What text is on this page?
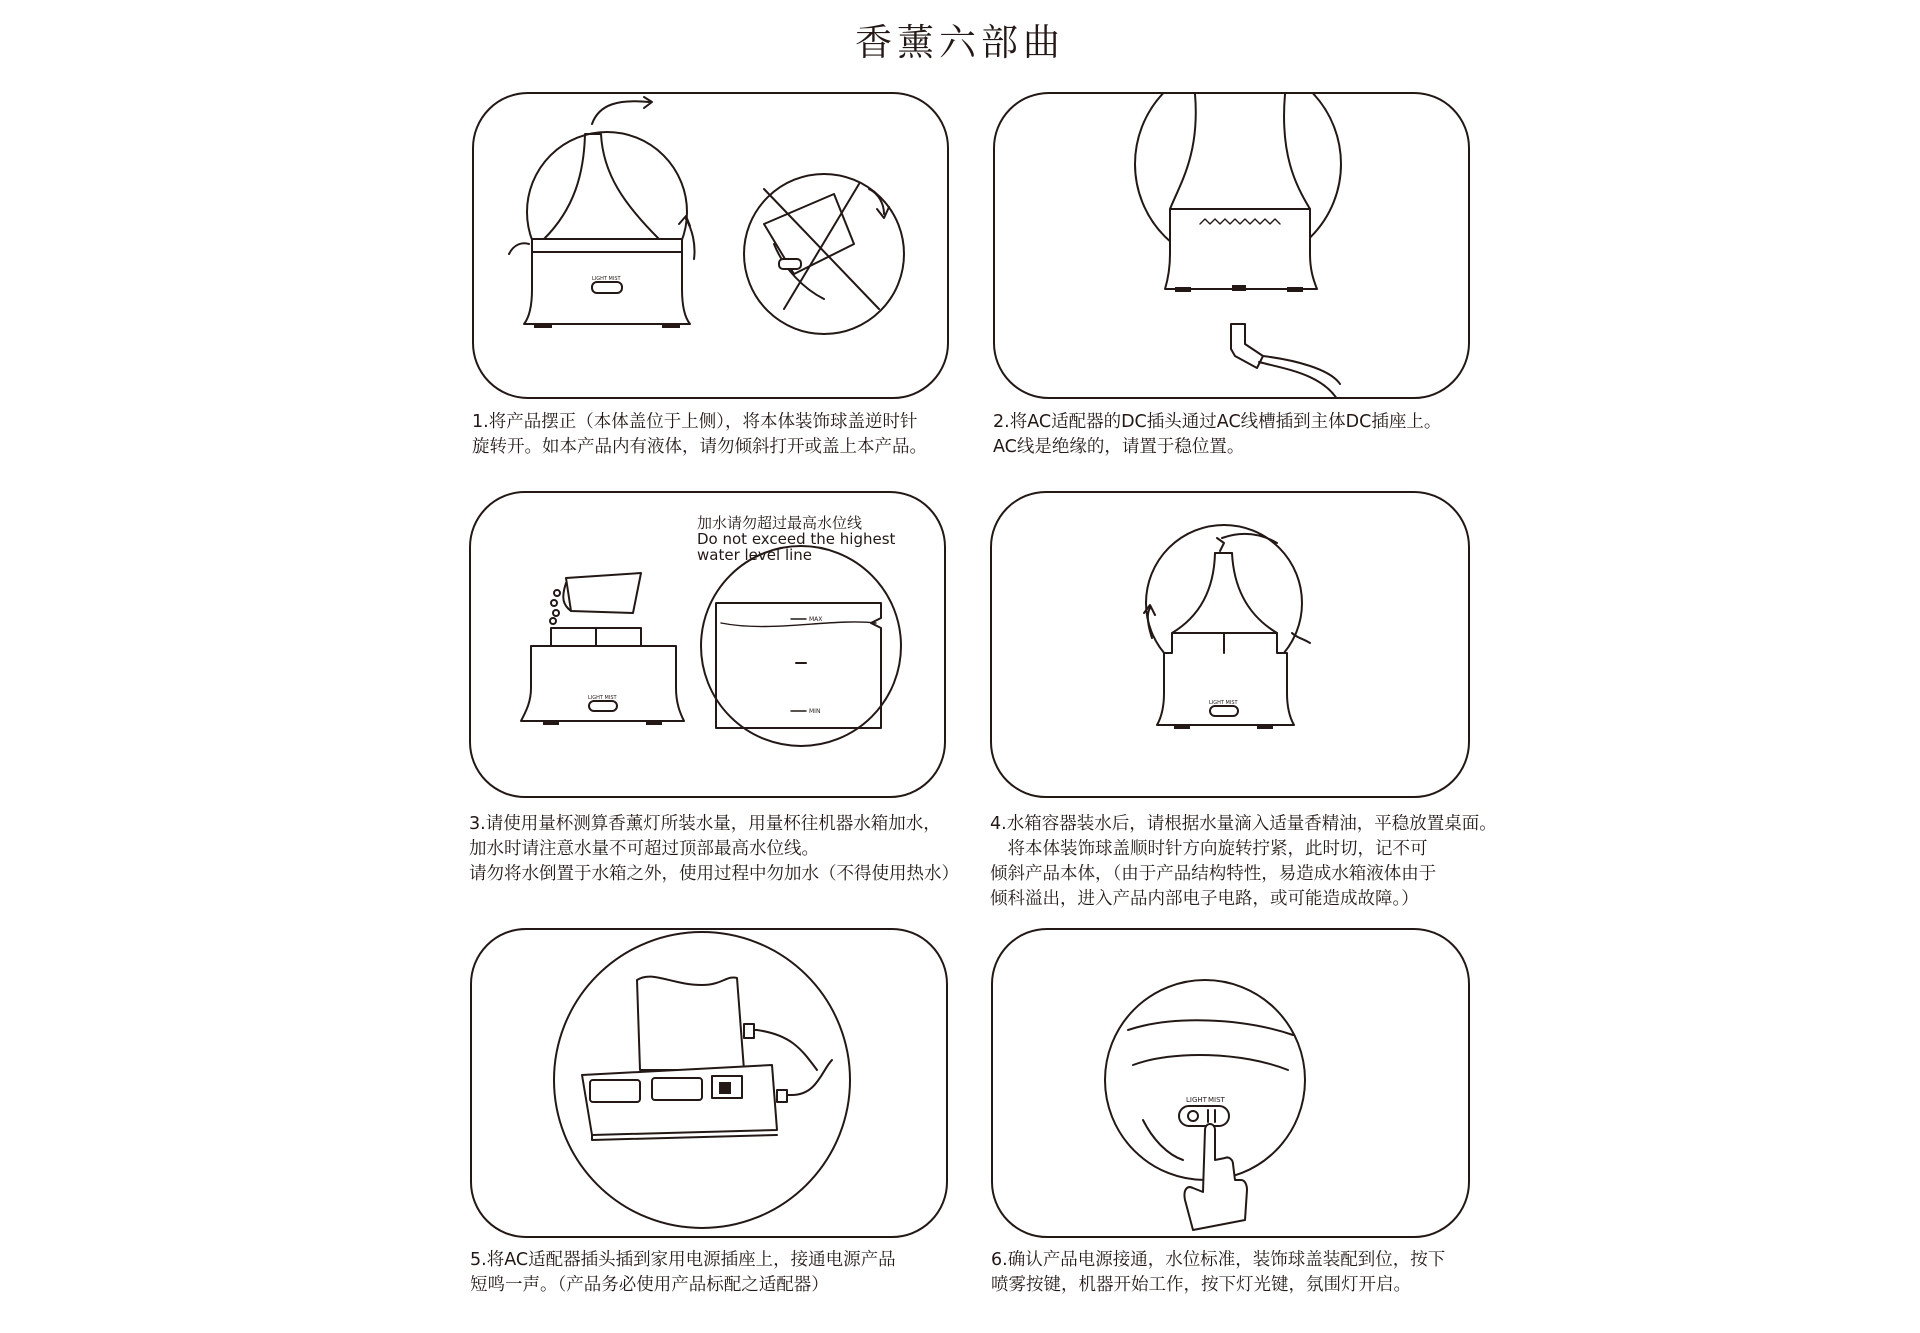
香薰六部曲
LIGHT MIST
1.将产品摆正（本体盖位于上侧），将本体装饰球盖逆时针
旋转开。如本产品内有液体，请勿倾斜打开或盖上本产品。
2.将AC适配器的DC插头通过AC线槽插到主体DC插座上。
AC线是绝缘的，请置于稳位置。
LIGHT MIST
MAX
MIN
加水请勿超过最高水位线
Do not exceed the highest
water level line
3.请使用量杯测算香薰灯所装水量，用量杯往机器水箱加水，
加水时请注意水量不可超过顶部最高水位线。
请勿将水倒置于水箱之外，使用过程中勿加水（不得使用热水）
LIGHT MIST
4.水箱容器装水后，请根据水量滴入适量香精油，平稳放置桌面。
　将本体装饰球盖顺时针方向旋转拧紧，此时切，记不可
倾斜产品本体，（由于产品结构特性，易造成水箱液体由于
倾科溢出，进入产品内部电子电路，或可能造成故障。）
5.将AC适配器插头插到家用电源插座上，接通电源产品
短鸣一声。（产品务必使用产品标配之适配器）
LIGHT MIST
6.确认产品电源接通，水位标准，装饰球盖装配到位，按下
喷雾按键，机器开始工作，按下灯光键，氛围灯开启。
